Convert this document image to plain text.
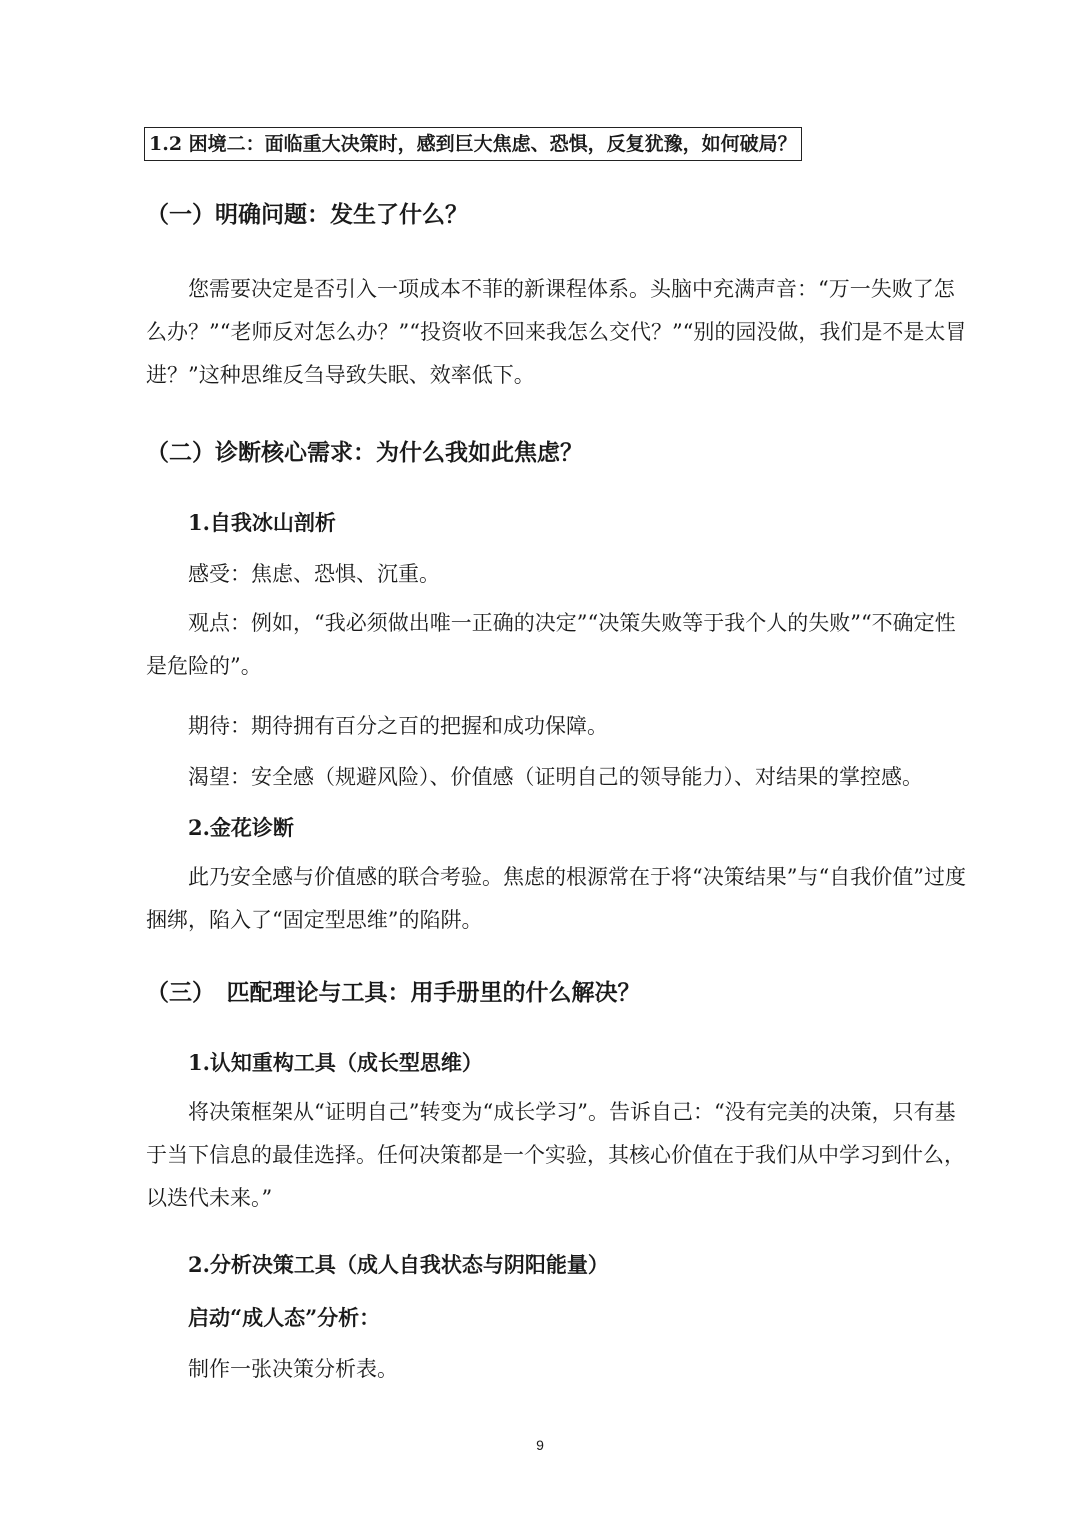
1.2 困境二：面临重大决策时，感到巨大焦虑、恐惧，反复犹豫，如何破局？
（一）明确问题：发生了什么？
您需要决定是否引入一项成本不菲的新课程体系。头脑中充满声音：“万一失败了怎么办？”“老师反对怎么办？”“投资收不回来我怎么交代？”“别的园没做，我们是不是太冒进？”这种思维反刍导致失眠、效率低下。
（二）诊断核心需求：为什么我如此焦虑？
1.自我冰山剖析
感受：焦虑、恐惧、沉重。
观点：例如，“我必须做出唯一正确的决定”“决策失败等于我个人的失败”“不确定性是危险的”。
期待：期待拥有百分之百的把握和成功保障。
渴望：安全感（规避风险）、价值感（证明自己的领导能力）、对结果的掌控感。
2.金花诊断
此乃安全感与价值感的联合考验。焦虑的根源常在于将“决策结果”与“自我价值”过度捆绑，陷入了“固定型思维”的陷阱。
（三）　匹配理论与工具：用手册里的什么解决？
1.认知重构工具（成长型思维）
将决策框架从“证明自己”转变为“成长学习”。告诉自己：“没有完美的决策，只有基于当下信息的最佳选择。任何决策都是一个实验，其核心价值在于我们从中学习到什么，以迭代未来。”
2.分析决策工具（成人自我状态与阴阳能量）
启动“成人态”分析：
制作一张决策分析表。
9
